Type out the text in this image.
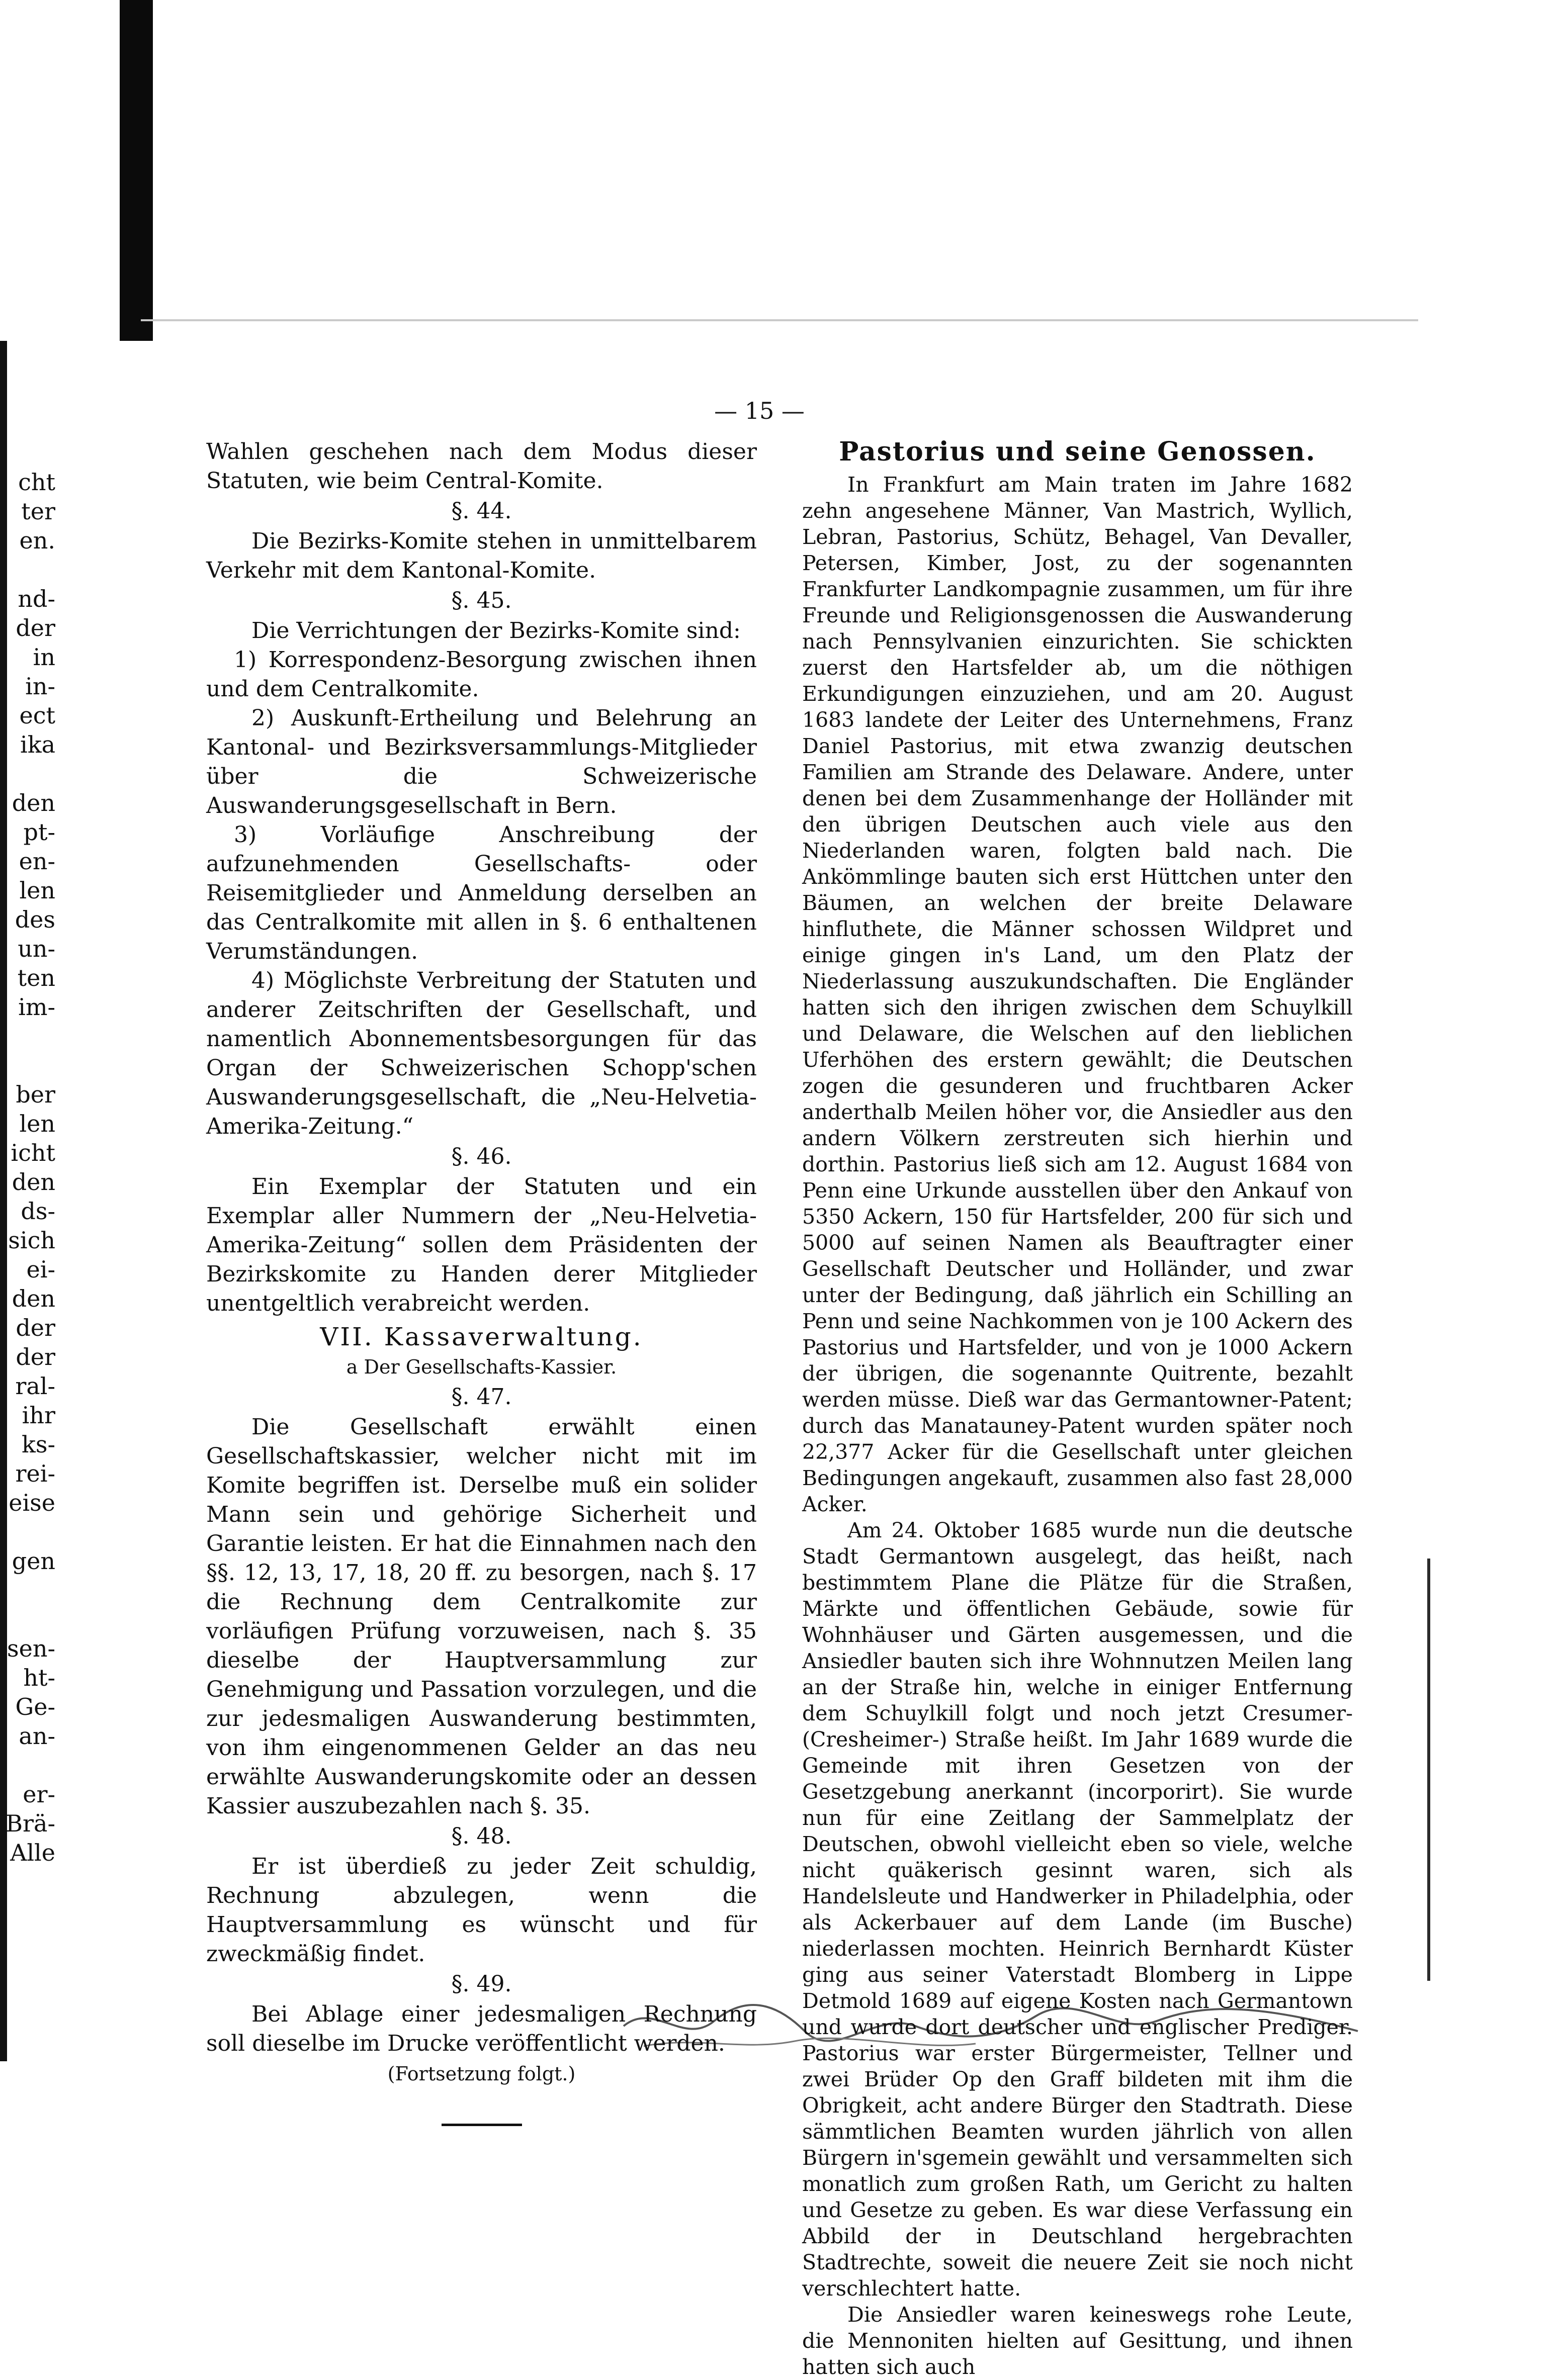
— 15 —
cht
ter
en.
nd-
der
in
in-
ect
ika
den
pt-
en-
len
des
un-
ten
im-
ber
len
icht
den
ds-
sich
ei-
den
der
der
ral-
ihr
ks-
rei-
eise
gen
sen-
ht-
Ge-
an-
er-
Brä-
Alle

Wahlen geschehen nach dem Modus dieser Statuten, wie beim Central-Komite.

§. 44.

Die Bezirks-Komite stehen in unmittelbarem Verkehr mit dem Kantonal-Komite.

§. 45.

Die Verrichtungen der Bezirks-Komite sind:

1) Korrespondenz-Besorgung zwischen ihnen und dem Centralkomite.

2) Auskunft-Ertheilung und Belehrung an Kantonal- und Bezirksversammlungs-Mitglieder über die Schweizerische Auswanderungsgesellschaft in Bern.

3) Vorläufige Anschreibung der aufzunehmenden Gesellschafts- oder Reisemitglieder und Anmeldung derselben an das Centralkomite mit allen in §. 6 enthaltenen Verumständungen.

4) Möglichste Verbreitung der Statuten und anderer Zeitschriften der Gesellschaft, und namentlich Abonnementsbesorgungen für das Organ der Schweizerischen Schopp'schen Auswanderungsgesellschaft, die „Neu-Helvetia-Amerika-Zeitung.“

§. 46.

Ein Exemplar der Statuten und ein Exemplar aller Nummern der „Neu-Helvetia-Amerika-Zeitung“ sollen dem Präsidenten der Bezirkskomite zu Handen derer Mitglieder unentgeltlich verabreicht werden.

VII. Kassaverwaltung.
a Der Gesellschafts-Kassier.
§. 47.

Die Gesellschaft erwählt einen Gesellschaftskassier, welcher nicht mit im Komite begriffen ist. Derselbe muß ein solider Mann sein und gehörige Sicherheit und Garantie leisten. Er hat die Einnahmen nach den §§. 12, 13, 17, 18, 20 ff. zu besorgen, nach §. 17 die Rechnung dem Centralkomite zur vorläufigen Prüfung vorzuweisen, nach §. 35 dieselbe der Hauptversammlung zur Genehmigung und Passation vorzulegen, und die zur jedesmaligen Auswanderung bestimmten, von ihm eingenommenen Gelder an das neu erwählte Auswanderungskomite oder an dessen Kassier auszubezahlen nach §. 35.

§. 48.

Er ist überdieß zu jeder Zeit schuldig, Rechnung abzulegen, wenn die Hauptversammlung es wünscht und für zweckmäßig findet.

§. 49.

Bei Ablage einer jedesmaligen Rechnung soll dieselbe im Drucke veröffentlicht werden.

(Fortsetzung folgt.)
Pastorius und seine Genossen.

In Frankfurt am Main traten im Jahre 1682 zehn angesehene Männer, Van Mastrich, Wyllich, Lebran, Pastorius, Schütz, Behagel, Van Devaller, Petersen, Kimber, Jost, zu der sogenannten Frankfurter Landkompagnie zusammen, um für ihre Freunde und Religionsgenossen die Auswanderung nach Pennsylvanien einzurichten. Sie schickten zuerst den Hartsfelder ab, um die nöthigen Erkundigungen einzuziehen, und am 20. August 1683 landete der Leiter des Unternehmens, Franz Daniel Pastorius, mit etwa zwanzig deutschen Familien am Strande des Delaware. Andere, unter denen bei dem Zusammenhange der Holländer mit den übrigen Deutschen auch viele aus den Niederlanden waren, folgten bald nach. Die Ankömmlinge bauten sich erst Hüttchen unter den Bäumen, an welchen der breite Delaware hinfluthete, die Männer schossen Wildpret und einige gingen in's Land, um den Platz der Niederlassung auszukundschaften. Die Engländer hatten sich den ihrigen zwischen dem Schuylkill und Delaware, die Welschen auf den lieblichen Uferhöhen des erstern gewählt; die Deutschen zogen die gesunderen und fruchtbaren Acker anderthalb Meilen höher vor, die Ansiedler aus den andern Völkern zerstreuten sich hierhin und dorthin. Pastorius ließ sich am 12. August 1684 von Penn eine Urkunde ausstellen über den Ankauf von 5350 Ackern, 150 für Hartsfelder, 200 für sich und 5000 auf seinen Namen als Beauftragter einer Gesellschaft Deutscher und Holländer, und zwar unter der Bedingung, daß jährlich ein Schilling an Penn und seine Nachkommen von je 100 Ackern des Pastorius und Hartsfelder, und von je 1000 Ackern der übrigen, die sogenannte Quitrente, bezahlt werden müsse. Dieß war das Germantowner-Patent; durch das Manatauney-Patent wurden später noch 22,377 Acker für die Gesellschaft unter gleichen Bedingungen angekauft, zusammen also fast 28,000 Acker.

Am 24. Oktober 1685 wurde nun die deutsche Stadt Germantown ausgelegt, das heißt, nach bestimmtem Plane die Plätze für die Straßen, Märkte und öffentlichen Gebäude, sowie für Wohnhäuser und Gärten ausgemessen, und die Ansiedler bauten sich ihre Wohnnutzen Meilen lang an der Straße hin, welche in einiger Entfernung dem Schuylkill folgt und noch jetzt Cresumer-(Cresheimer-) Straße heißt. Im Jahr 1689 wurde die Gemeinde mit ihren Gesetzen von der Gesetzgebung anerkannt (incorporirt). Sie wurde nun für eine Zeitlang der Sammelplatz der Deutschen, obwohl vielleicht eben so viele, welche nicht quäkerisch gesinnt waren, sich als Handelsleute und Handwerker in Philadelphia, oder als Ackerbauer auf dem Lande (im Busche) niederlassen mochten. Heinrich Bernhardt Küster ging aus seiner Vaterstadt Blomberg in Lippe Detmold 1689 auf eigene Kosten nach Germantown und wurde dort deutscher und englischer Prediger. Pastorius war erster Bürgermeister, Tellner und zwei Brüder Op den Graff bildeten mit ihm die Obrigkeit, acht andere Bürger den Stadtrath. Diese sämmtlichen Beamten wurden jährlich von allen Bürgern in'sgemein gewählt und versammelten sich monatlich zum großen Rath, um Gericht zu halten und Gesetze zu geben. Es war diese Verfassung ein Abbild der in Deutschland hergebrachten Stadtrechte, soweit die neuere Zeit sie noch nicht verschlechtert hatte.

Die Ansiedler waren keineswegs rohe Leute, die Mennoniten hielten auf Gesittung, und ihnen hatten sich auch
